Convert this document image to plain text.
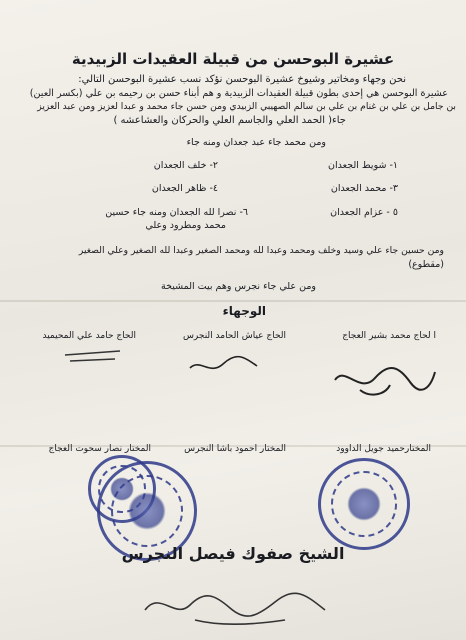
عشيرة البوحسن من قبيلة العقيدات الزبيدية
نحن وجهاء ومخاتير وشيوخ عشيرة البوحسن نؤكد نسب عشيرة البوحسن التالي:
عشيرة البوحسن هي إحدى بطون قبيلة العقيدات الزبيدية و هم أبناء حسن بن رحيمه بن علي (بكسر العين)
بن جامل بن علي بن غنام بن علي بن سالم الصهيبي الزبيدي ومن حسن جاء محمد و عبدا لعزيز ومن عبد العزيز
جاء( الحمد العلي والجاسم العلي والحركان والعشاعشه )
ومن محمد جاء عبد جعدان ومنه جاء
١- شويط الجعدان
٢- خلف الجعدان
٣- محمد الجعدان
٤- ظاهر الجعدان
٥ - عزام الجعدان
٦- نصرا لله الجعدان ومنه جاء حسين
محمد ومطرود وعلي
ومن حسين جاء علي وسيد وخلف ومحمد وعبدا لله ومحمد الصغير وعبدا لله الصغير وعلي الصغير
(مقطوع)
ومن علي جاء نجرس وهم بيت المشيخة
الوجهاء
ا لحاج محمد بشير العجاج
الحاج عياش الحامد النجرس
الحاج حامد علي المحيميد
المختارحميد جويل الداوود
المختار احمود باشا النجرس
المختار نصار سحوت العجاج
الشيخ صفوك فيصل النجرس
